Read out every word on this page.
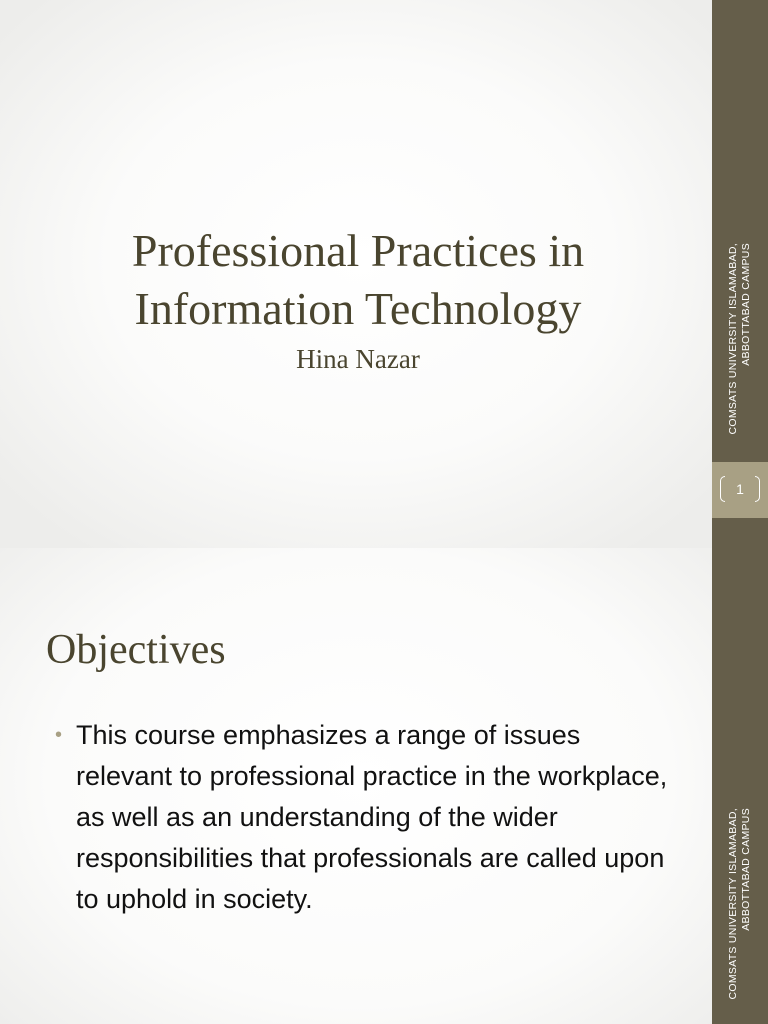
Professional Practices in Information Technology

Hina Nazar	COMSATS UNIVERSITY ISLAMABAD, ABBOTTABAD CAMPUS
1
Objectives
• This course emphasizes a range of issues relevant to professional practice in the workplace, as well as an understanding of the wider responsibilities that professionals are called upon to uphold in society.	COMSATS UNIVERSITY ISLAMABAD, ABBOTTABAD CAMPUS
